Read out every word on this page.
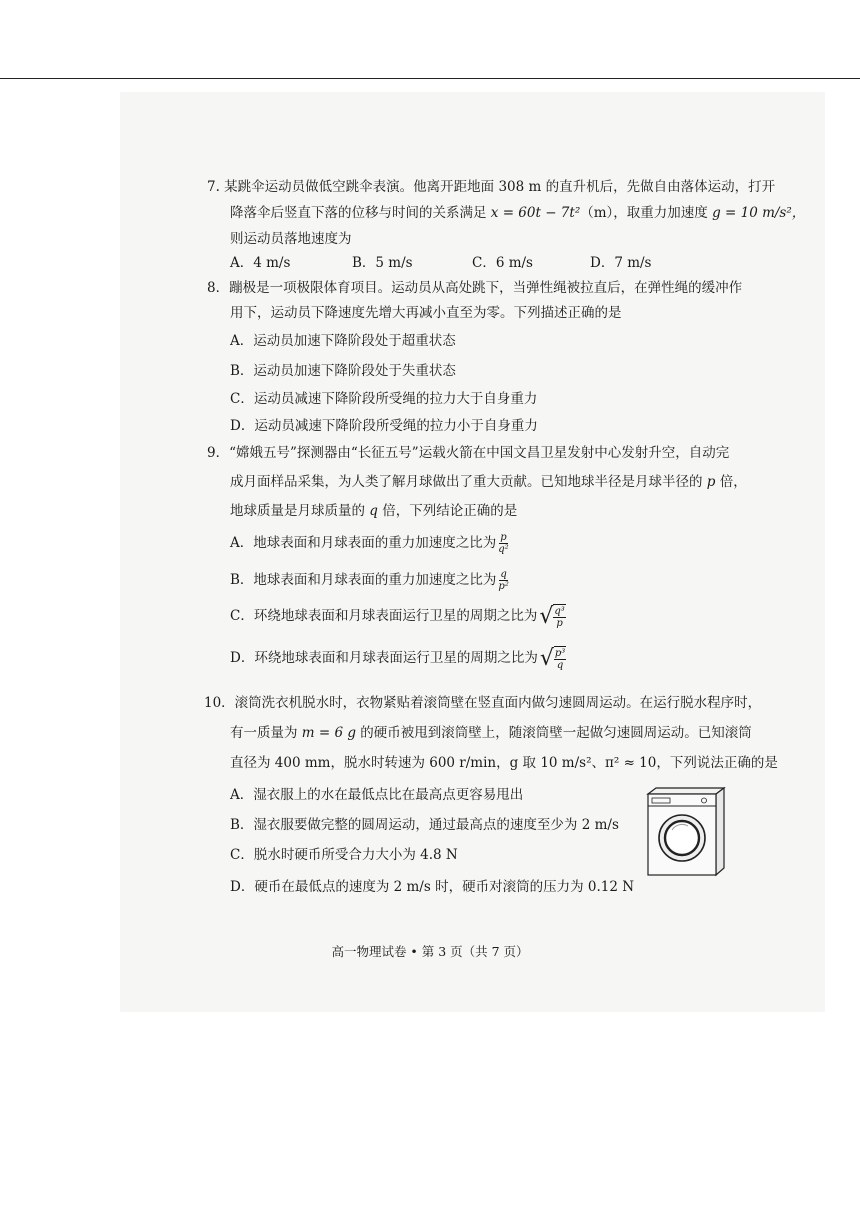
7. 某跳伞运动员做低空跳伞表演。他离开距地面 308 m 的直升机后，先做自由落体运动，打开
降落伞后竖直下落的位移与时间的关系满足 x = 60t − 7t²（m），取重力加速度 g = 10 m/s²，
则运动员落地速度为
A．4 m/s	B．5 m/s	C．6 m/s	D．7 m/s
8．蹦极是一项极限体育项目。运动员从高处跳下，当弹性绳被拉直后，在弹性绳的缓冲作
用下，运动员下降速度先增大再减小直至为零。下列描述正确的是
A．运动员加速下降阶段处于超重状态
B．运动员加速下降阶段处于失重状态
C．运动员减速下降阶段所受绳的拉力大于自身重力
D．运动员减速下降阶段所受绳的拉力小于自身重力
9．“嫦娥五号”探测器由“长征五号”运载火箭在中国文昌卫星发射中心发射升空，自动完
成月面样品采集，为人类了解月球做出了重大贡献。已知地球半径是月球半径的 p 倍，
地球质量是月球质量的 q 倍，下列结论正确的是
A．地球表面和月球表面的重力加速度之比为 $\frac{p}{\text{q²}}$
B．地球表面和月球表面的重力加速度之比为 $\frac{q}{\text{p²}}$
C．环绕地球表面和月球表面运行卫星的周期之比为 √ $\frac{\text{q³}}{p}$
D．环绕地球表面和月球表面运行卫星的周期之比为 √ $\frac{\text{p³}}{q}$
10．滚筒洗衣机脱水时，衣物紧贴着滚筒壁在竖直面内做匀速圆周运动。在运行脱水程序时，
有一质量为 m = 6 g 的硬币被甩到滚筒壁上，随滚筒壁一起做匀速圆周运动。已知滚筒
直径为 400 mm，脱水时转速为 600 r/min，g 取 10 m/s²、π² ≈ 10，下列说法正确的是
A．湿衣服上的水在最低点比在最高点更容易甩出
B．湿衣服要做完整的圆周运动，通过最高点的速度至少为 2 m/s
C．脱水时硬币所受合力大小为 4.8 N
D．硬币在最低点的速度为 2 m/s 时，硬币对滚筒的压力为 0.12 N
高一物理试卷 • 第 3 页（共 7 页）
